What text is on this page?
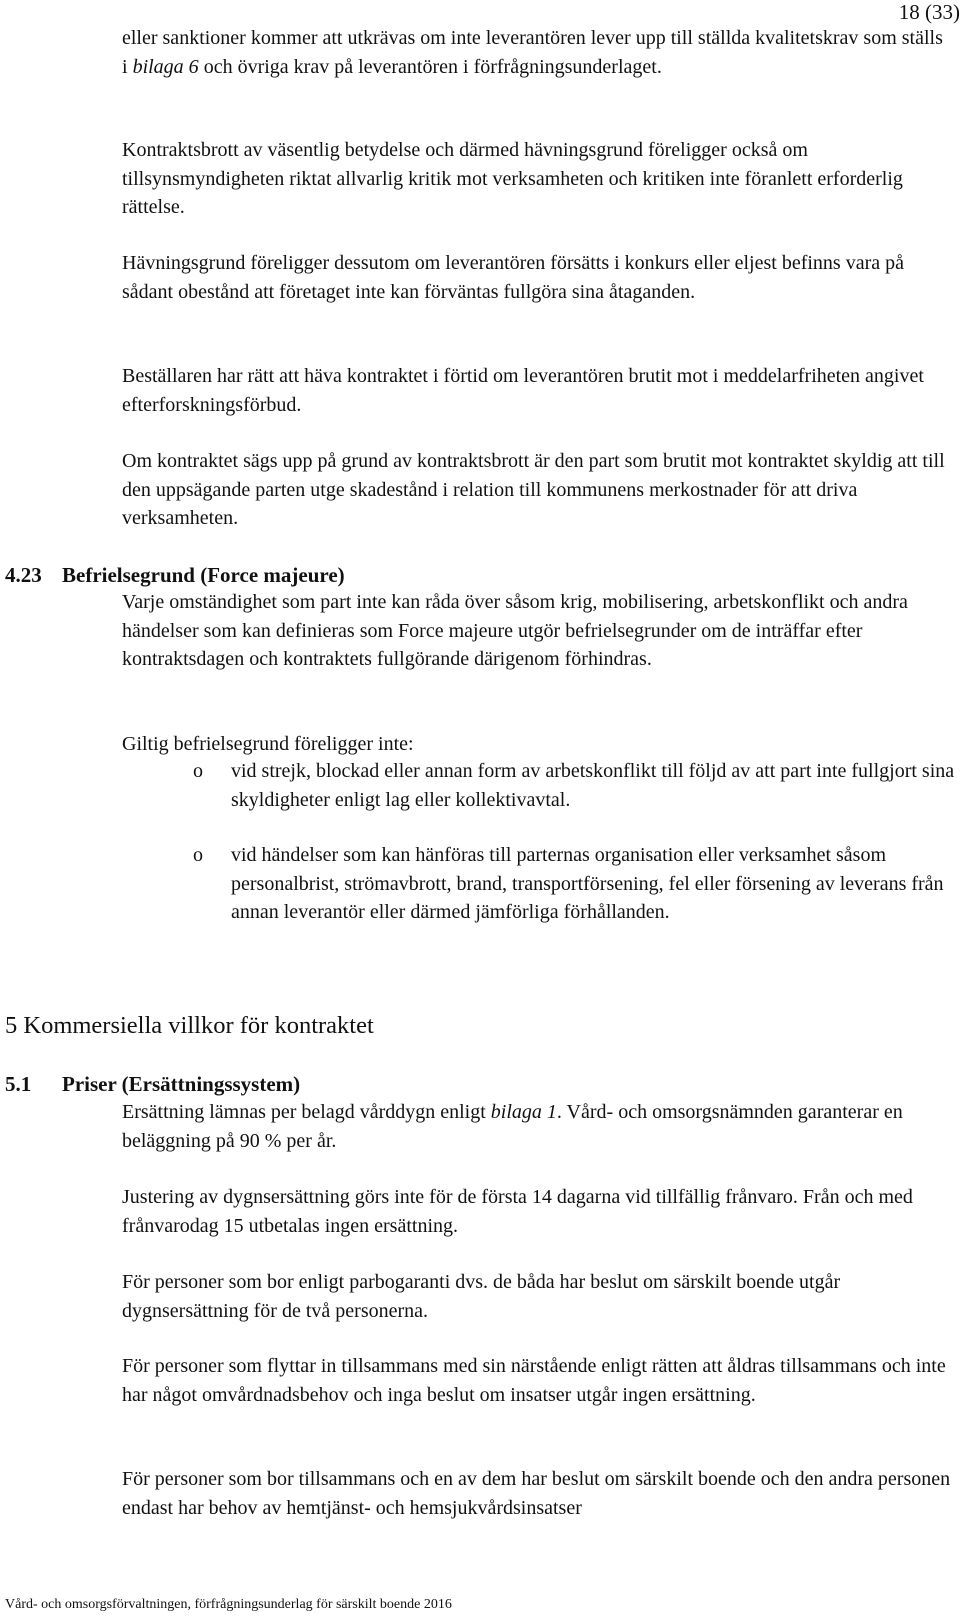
18 (33)
eller sanktioner kommer att utkrävas om inte leverantören lever upp till ställda kvalitetskrav som ställs i bilaga 6 och övriga krav på leverantören i förfrågningsunderlaget.
Kontraktsbrott av väsentlig betydelse och därmed hävningsgrund föreligger också om tillsynsmyndigheten riktat allvarlig kritik mot verksamheten och kritiken inte föranlett erforderlig rättelse.
Hävningsgrund föreligger dessutom om leverantören försätts i konkurs eller eljest befinns vara på sådant obestånd att företaget inte kan förväntas fullgöra sina åtaganden.
Beställaren har rätt att häva kontraktet i förtid om leverantören brutit mot i meddelarfriheten angivet efterforskningsförbud.
Om kontraktet sägs upp på grund av kontraktsbrott är den part som brutit mot kontraktet skyldig att till den uppsägande parten utge skadestånd i relation till kommunens merkostnader för att driva verksamheten.
4.23 Befrielsegrund (Force majeure)
Varje omständighet som part inte kan råda över såsom krig, mobilisering, arbetskonflikt och andra händelser som kan definieras som Force majeure utgör befrielsegrunder om de inträffar efter kontraktsdagen och kontraktets fullgörande därigenom förhindras.
Giltig befrielsegrund föreligger inte:
o vid strejk, blockad eller annan form av arbetskonflikt till följd av att part inte fullgjort sina skyldigheter enligt lag eller kollektivavtal.
o vid händelser som kan hänföras till parternas organisation eller verksamhet såsom personalbrist, strömavbrott, brand, transportförsening, fel eller försening av leverans från annan leverantör eller därmed jämförliga förhållanden.
5 Kommersiella villkor för kontraktet
5.1 Priser (Ersättningssystem)
Ersättning lämnas per belagd vårddygn enligt bilaga 1. Vård- och omsorgsnämnden garanterar en beläggning på 90 % per år.
Justering av dygnsersättning görs inte för de första 14 dagarna vid tillfällig frånvaro. Från och med frånvarodag 15 utbetalas ingen ersättning.
För personer som bor enligt parbogaranti dvs. de båda har beslut om särskilt boende utgår dygnsersättning för de två personerna.
För personer som flyttar in tillsammans med sin närstående enligt rätten att åldras tillsammans och inte har något omvårdnadsbehov och inga beslut om insatser utgår ingen ersättning.
För personer som bor tillsammans och en av dem har beslut om särskilt boende och den andra personen endast har behov av hemtjänst- och hemsjukvårdsinsatser
Vård- och omsorgsförvaltningen, förfrågningsunderlag för särskilt boende 2016
